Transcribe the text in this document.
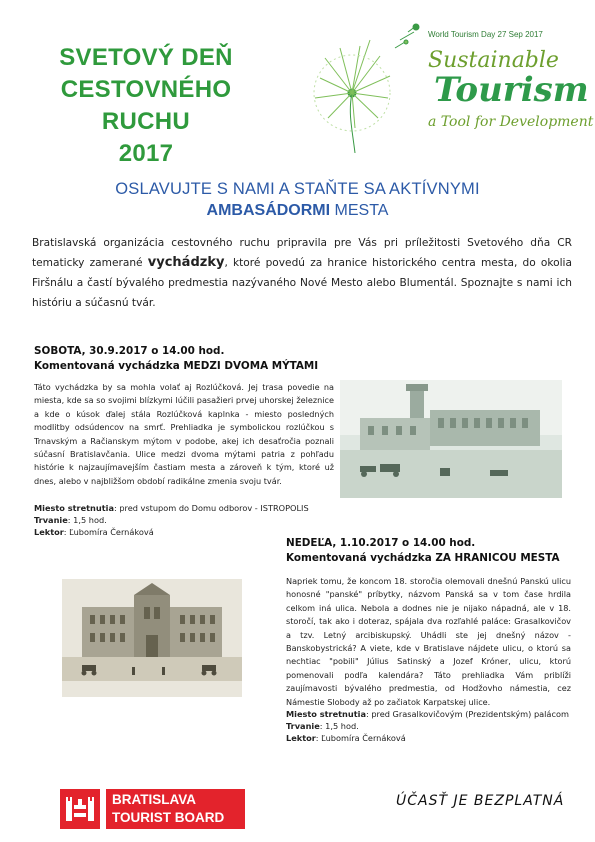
SVETOVÝ DEŇ
CESTOVNÉHO RUCHU
2017
World Tourism Day 27 Sep 2017
Sustainable
Tourism
a Tool for Development
OSLAVUJTE S NAMI A STAŇTE SA AKTÍVNYMI
AMBASÁDORMI MESTA

Bratislavská organizácia cestovného ruchu pripravila pre Vás pri príležitosti Svetového dňa CR tematicky zamerané vychádzky, ktoré povedú za hranice historického centra mesta, do okolia Firšnálu a častí bývalého predmestia nazývaného Nové Mesto alebo Blumentál. Spoznajte s nami ich históriu a súčasnú tvár.

SOBOTA, 30.9.2017 o 14.00 hod.
Komentovaná vychádzka MEDZI DVOMA MÝTAMI

Táto vychádzka by sa mohla volať aj Rozlúčková. Jej trasa povedie na miesta, kde sa so svojimi blízkymi lúčili pasažieri prvej uhorskej železnice a kde o kúsok ďalej stála Rozlúčková kaplnka - miesto posledných modlitby odsúdencov na smrť. Prehliadka je symbolickou rozlúčkou s Trnavským a Račianskym mýtom v podobe, akej ich desaťročia poznali súčasní Bratislavčania. Ulice medzi dvoma mýtami patria z pohľadu histórie k najzaujímavejším častiam mesta a zároveň k tým, ktoré už dnes, alebo v najbližšom období radikálne zmenia svoju tvár.

Miesto stretnutia: pred vstupom do Domu odborov - ISTROPOLIS
Trvanie: 1,5 hod.
Lektor: Ľubomíra Černáková
NEDEĽA, 1.10.2017 o 14.00 hod.
Komentovaná vychádzka ZA HRANICOU MESTA

Napriek tomu, že koncom 18. storočia olemovali dnešnú Panskú ulicu honosné "panské" príbytky, názvom Panská sa v tom čase hrdila celkom iná ulica. Nebola a dodnes nie je nijako nápadná, ale v 18. storočí, tak ako i doteraz, spájala dva rozľahlé paláce: Grasalkovičov a tzv. Letný arcibiskupský. Uhádli ste jej dnešný názov - Banskobystrická? A viete, kde v Bratislave nájdete ulicu, o ktorú sa nechtiac "pobili" Július Satinský a Jozef Króner, ulicu, ktorú pomenovali podľa kalendára? Táto prehliadka Vám priblíži zaujímavosti bývalého predmestia, od Hodžovho námestia, cez Námestie Slobody až po začiatok Karpatskej ulice.

Miesto stretnutia: pred Grasalkovičovým (Prezidentským) palácom
Trvanie: 1,5 hod.
Lektor: Ľubomíra Černáková
BRATISLAVA
TOURIST BOARD
ÚČASŤ JE BEZPLATNÁ
